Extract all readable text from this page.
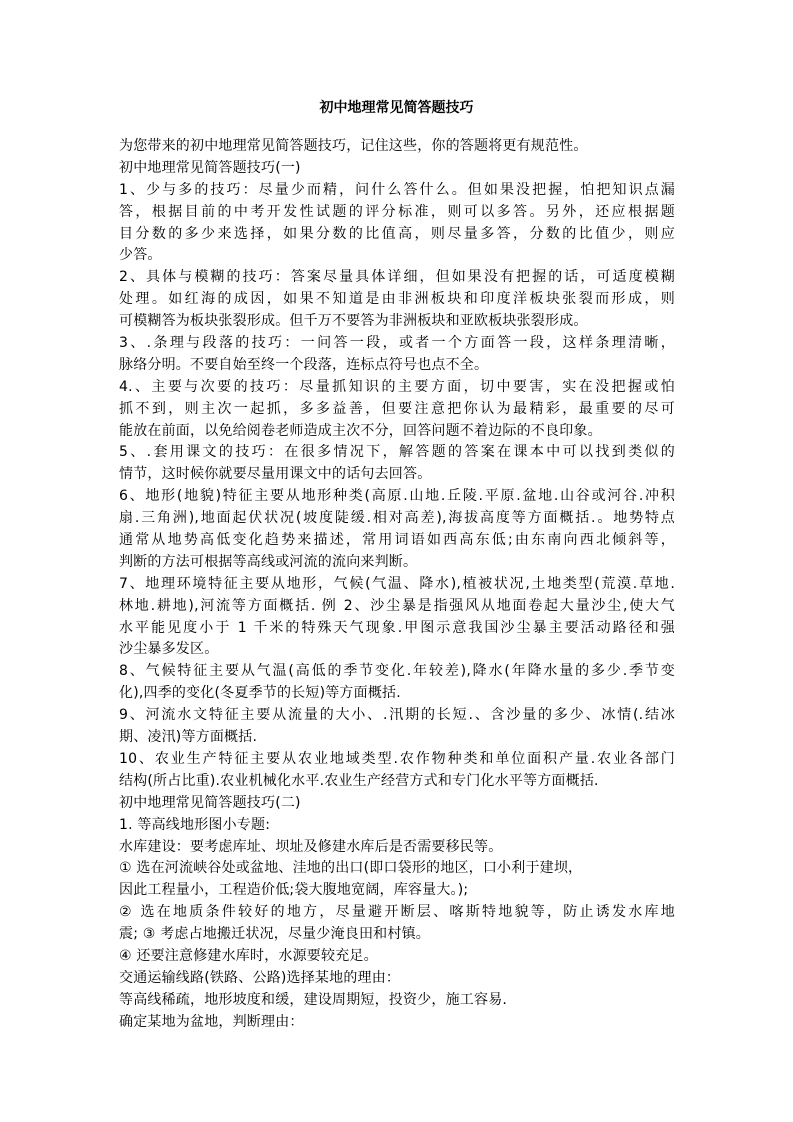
初中地理常见简答题技巧
为您带来的初中地理常见简答题技巧，记住这些，你的答题将更有规范性。
初中地理常见简答题技巧(一)
1、少与多的技巧：尽量少而精，问什么答什么。但如果没把握，怕把知识点漏
答，根据目前的中考开发性试题的评分标准，则可以多答。另外，还应根据题
目分数的多少来选择，如果分数的比值高，则尽量多答，分数的比值少，则应
少答。
2、具体与模糊的技巧：答案尽量具体详细，但如果没有把握的话，可适度模糊
处理。如红海的成因，如果不知道是由非洲板块和印度洋板块张裂而形成，则
可模糊答为板块张裂形成。但千万不要答为非洲板块和亚欧板块张裂形成。
3、.条理与段落的技巧：一问答一段，或者一个方面答一段，这样条理清晰，
脉络分明。不要自始至终一个段落，连标点符号也点不全。
4.、主要与次要的技巧：尽量抓知识的主要方面，切中要害，实在没把握或怕
抓不到，则主次一起抓，多多益善，但要注意把你认为最精彩，最重要的尽可
能放在前面，以免给阅卷老师造成主次不分，回答问题不着边际的不良印象。
5、.套用课文的技巧：在很多情况下，解答题的答案在课本中可以找到类似的
情节，这时候你就要尽量用课文中的话句去回答。
6、地形(地貌)特征主要从地形种类(高原.山地.丘陵.平原.盆地.山谷或河谷.冲积
扇.三角洲),地面起伏状况(坡度陡缓.相对高差),海拔高度等方面概括.。地势特点
通常从地势高低变化趋势来描述，常用词语如西高东低;由东南向西北倾斜等，
判断的方法可根据等高线或河流的流向来判断。
7、地理环境特征主要从地形，气候(气温、降水),植被状况,土地类型(荒漠.草地.
林地.耕地),河流等方面概括. 例 2、沙尘暴是指强风从地面卷起大量沙尘,使大气
水平能见度小于 1 千米的特殊天气现象.甲图示意我国沙尘暴主要活动路径和强
沙尘暴多发区。
8、气候特征主要从气温(高低的季节变化.年较差),降水(年降水量的多少.季节变
化),四季的变化(冬夏季节的长短)等方面概括.
9、河流水文特征主要从流量的大小、.汛期的长短.、含沙量的多少、冰情(.结冰
期、凌汛)等方面概括.
10、农业生产特征主要从农业地域类型.农作物种类和单位面积产量.农业各部门
结构(所占比重).农业机械化水平.农业生产经营方式和专门化水平等方面概括.
初中地理常见简答题技巧(二)
1. 等高线地形图小专题:
水库建设：要考虑库址、坝址及修建水库后是否需要移民等。
① 选在河流峡谷处或盆地、洼地的出口(即口袋形的地区，口小利于建坝，
因此工程量小，工程造价低;袋大腹地宽阔，库容量大。);
② 选在地质条件较好的地方，尽量避开断层、喀斯特地貌等，防止诱发水库地
震; ③ 考虑占地搬迁状况，尽量少淹良田和村镇。
④ 还要注意修建水库时，水源要较充足。
交通运输线路(铁路、公路)选择某地的理由：
等高线稀疏，地形坡度和缓，建设周期短，投资少，施工容易.
确定某地为盆地，判断理由：
